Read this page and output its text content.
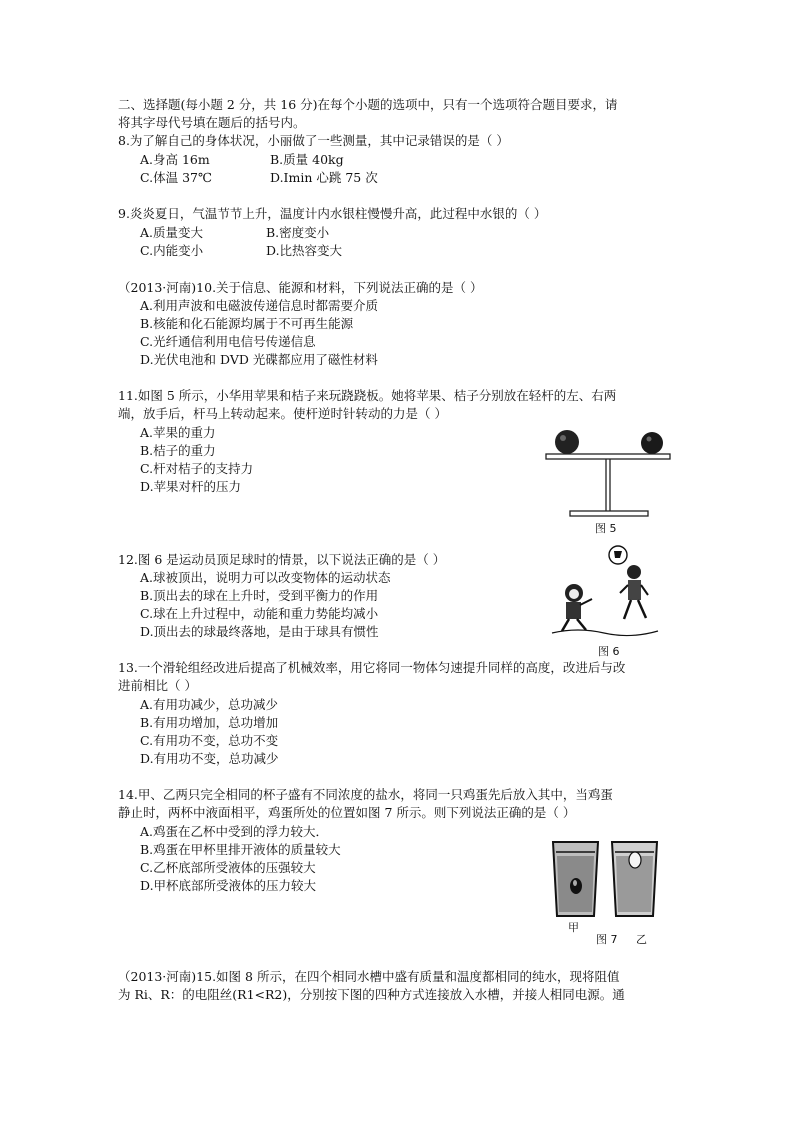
二、选择题(每小题 2 分，共 16 分)在每个小题的选项中，只有一个选项符合题目要求，请
将其字母代号填在题后的括号内。
8.为了解自己的身体状况，小丽做了一些测量，其中记录错误的是（ ）
A.身高 16m	B.质量 40kg
C.体温 37℃	D.Imin 心跳 75 次
9.炎炎夏日，气温节节上升，温度计内水银柱慢慢升高，此过程中水银的（ ）
A.质量变大	B.密度变小
C.内能变小	D.比热容变大
（2013·河南)10.关于信息、能源和材料，下列说法正确的是（ ）
A.利用声波和电磁波传递信息时都需要介质
B.核能和化石能源均属于不可再生能源
C.光纤通信利用电信号传递信息
D.光伏电池和 DVD 光碟都应用了磁性材料
11.如图 5 所示，小华用苹果和桔子来玩跷跷板。她将苹果、桔子分别放在轻杆的左、右两
端，放手后，杆马上转动起来。使杆逆时针转动的力是（ ）
A.苹果的重力
B.桔子的重力
C.杆对桔子的支持力
D.苹果对杆的压力
图 5
12.图 6 是运动员顶足球时的情景，以下说法正确的是（ ）
A.球被顶出，说明力可以改变物体的运动状态
B.顶出去的球在上升时，受到平衡力的作用
C.球在上升过程中，动能和重力势能均减小
D.顶出去的球最终落地，是由于球具有惯性
图 6
13.一个滑轮组经改进后提高了机械效率，用它将同一物体匀速提升同样的高度，改进后与改
进前相比（ ）
A.有用功减少，总功减少
B.有用功增加，总功增加
C.有用功不变，总功不变
D.有用功不变，总功减少
14.甲、乙两只完全相同的杯子盛有不同浓度的盐水，将同一只鸡蛋先后放入其中，当鸡蛋
静止时，两杯中液面相平，鸡蛋所处的位置如图 7 所示。则下列说法正确的是（ ）
A.鸡蛋在乙杯中受到的浮力较大．
B.鸡蛋在甲杯里排开液体的质量较大
C.乙杯底部所受液体的压强较大
D.甲杯底部所受液体的压力较大
甲
乙
图 7
（2013·河南)15.如图 8 所示，在四个相同水槽中盛有质量和温度都相同的纯水，现将阻值
为 Ri、R：的电阻丝(R1<R2)，分别按下图的四种方式连接放入水槽，并接人相同电源。通
